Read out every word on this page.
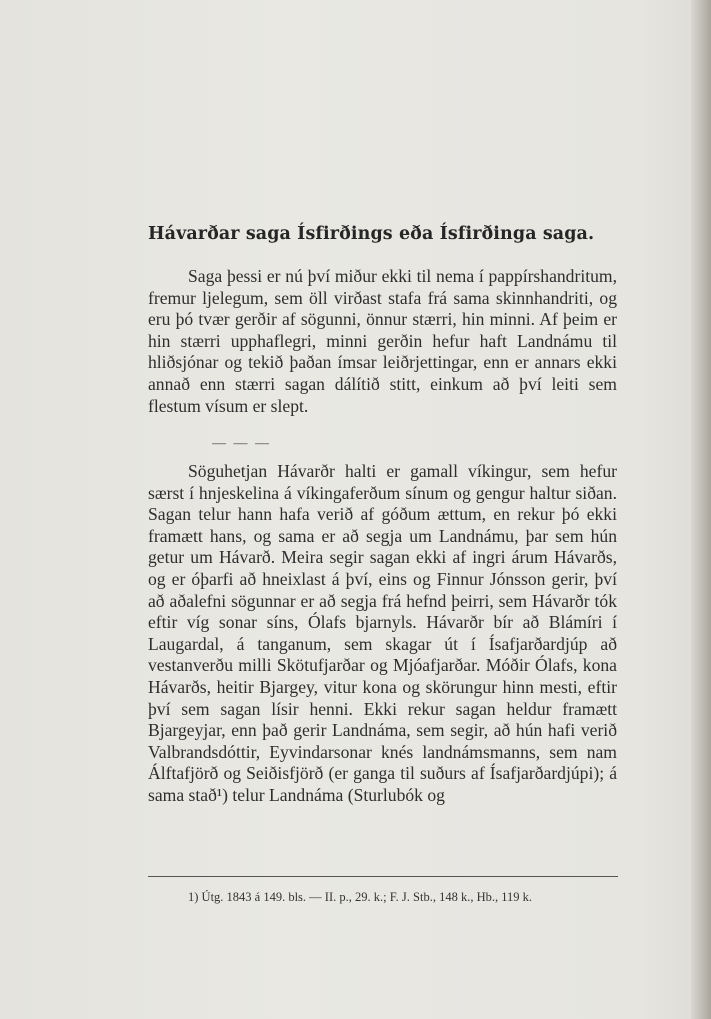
Hávarðar saga Ísfirðings eða Ísfirðinga saga.

Saga þessi er nú því miður ekki til nema í pappírshandritum, fremur ljelegum, sem öll virðast stafa frá sama skinnhandriti, og eru þó tvær gerðir af sögunni, önnur stærri, hin minni. Af þeim er hin stærri upphaflegri, minni gerðin hefur haft Landnámu til hliðsjónar og tekið þaðan ímsar leiðrjettingar, enn er annars ekki annað enn stærri sagan dálítið stitt, einkum að því leiti sem flestum vísum er slept.

— — —

Söguhetjan Hávarðr halti er gamall víkingur, sem hefur særst í hnjeskelina á víkingaferðum sínum og gengur haltur siðan. Sagan telur hann hafa verið af góðum ættum, en rekur þó ekki framætt hans, og sama er að segja um Landnámu, þar sem hún getur um Hávarð. Meira segir sagan ekki af ingri árum Hávarðs, og er óþarfi að hneixlast á því, eins og Finnur Jónsson gerir, því að aðalefni sögunnar er að segja frá hefnd þeirri, sem Hávarðr tók eftir víg sonar síns, Ólafs bjarnyls. Hávarðr bír að Blámíri í Laugardal, á tanganum, sem skagar út í Ísafjarðardjúp að vestanverðu milli Skötufjarðar og Mjóafjarðar. Móðir Ólafs, kona Hávarðs, heitir Bjargey, vitur kona og skörungur hinn mesti, eftir því sem sagan lísir henni. Ekki rekur sagan heldur framætt Bjargeyjar, enn það gerir Landnáma, sem segir, að hún hafi verið Valbrandsdóttir, Eyvindarsonar knés landnámsmanns, sem nam Álftafjörð og Seiðisfjörð (er ganga til suðurs af Ísafjarðardjúpi); á sama stað¹) telur Landnáma (Sturlubók og

1) Útg. 1843 á 149. bls. — II. p., 29. k.; F. J. Stb., 148 k., Hb., 119 k.
